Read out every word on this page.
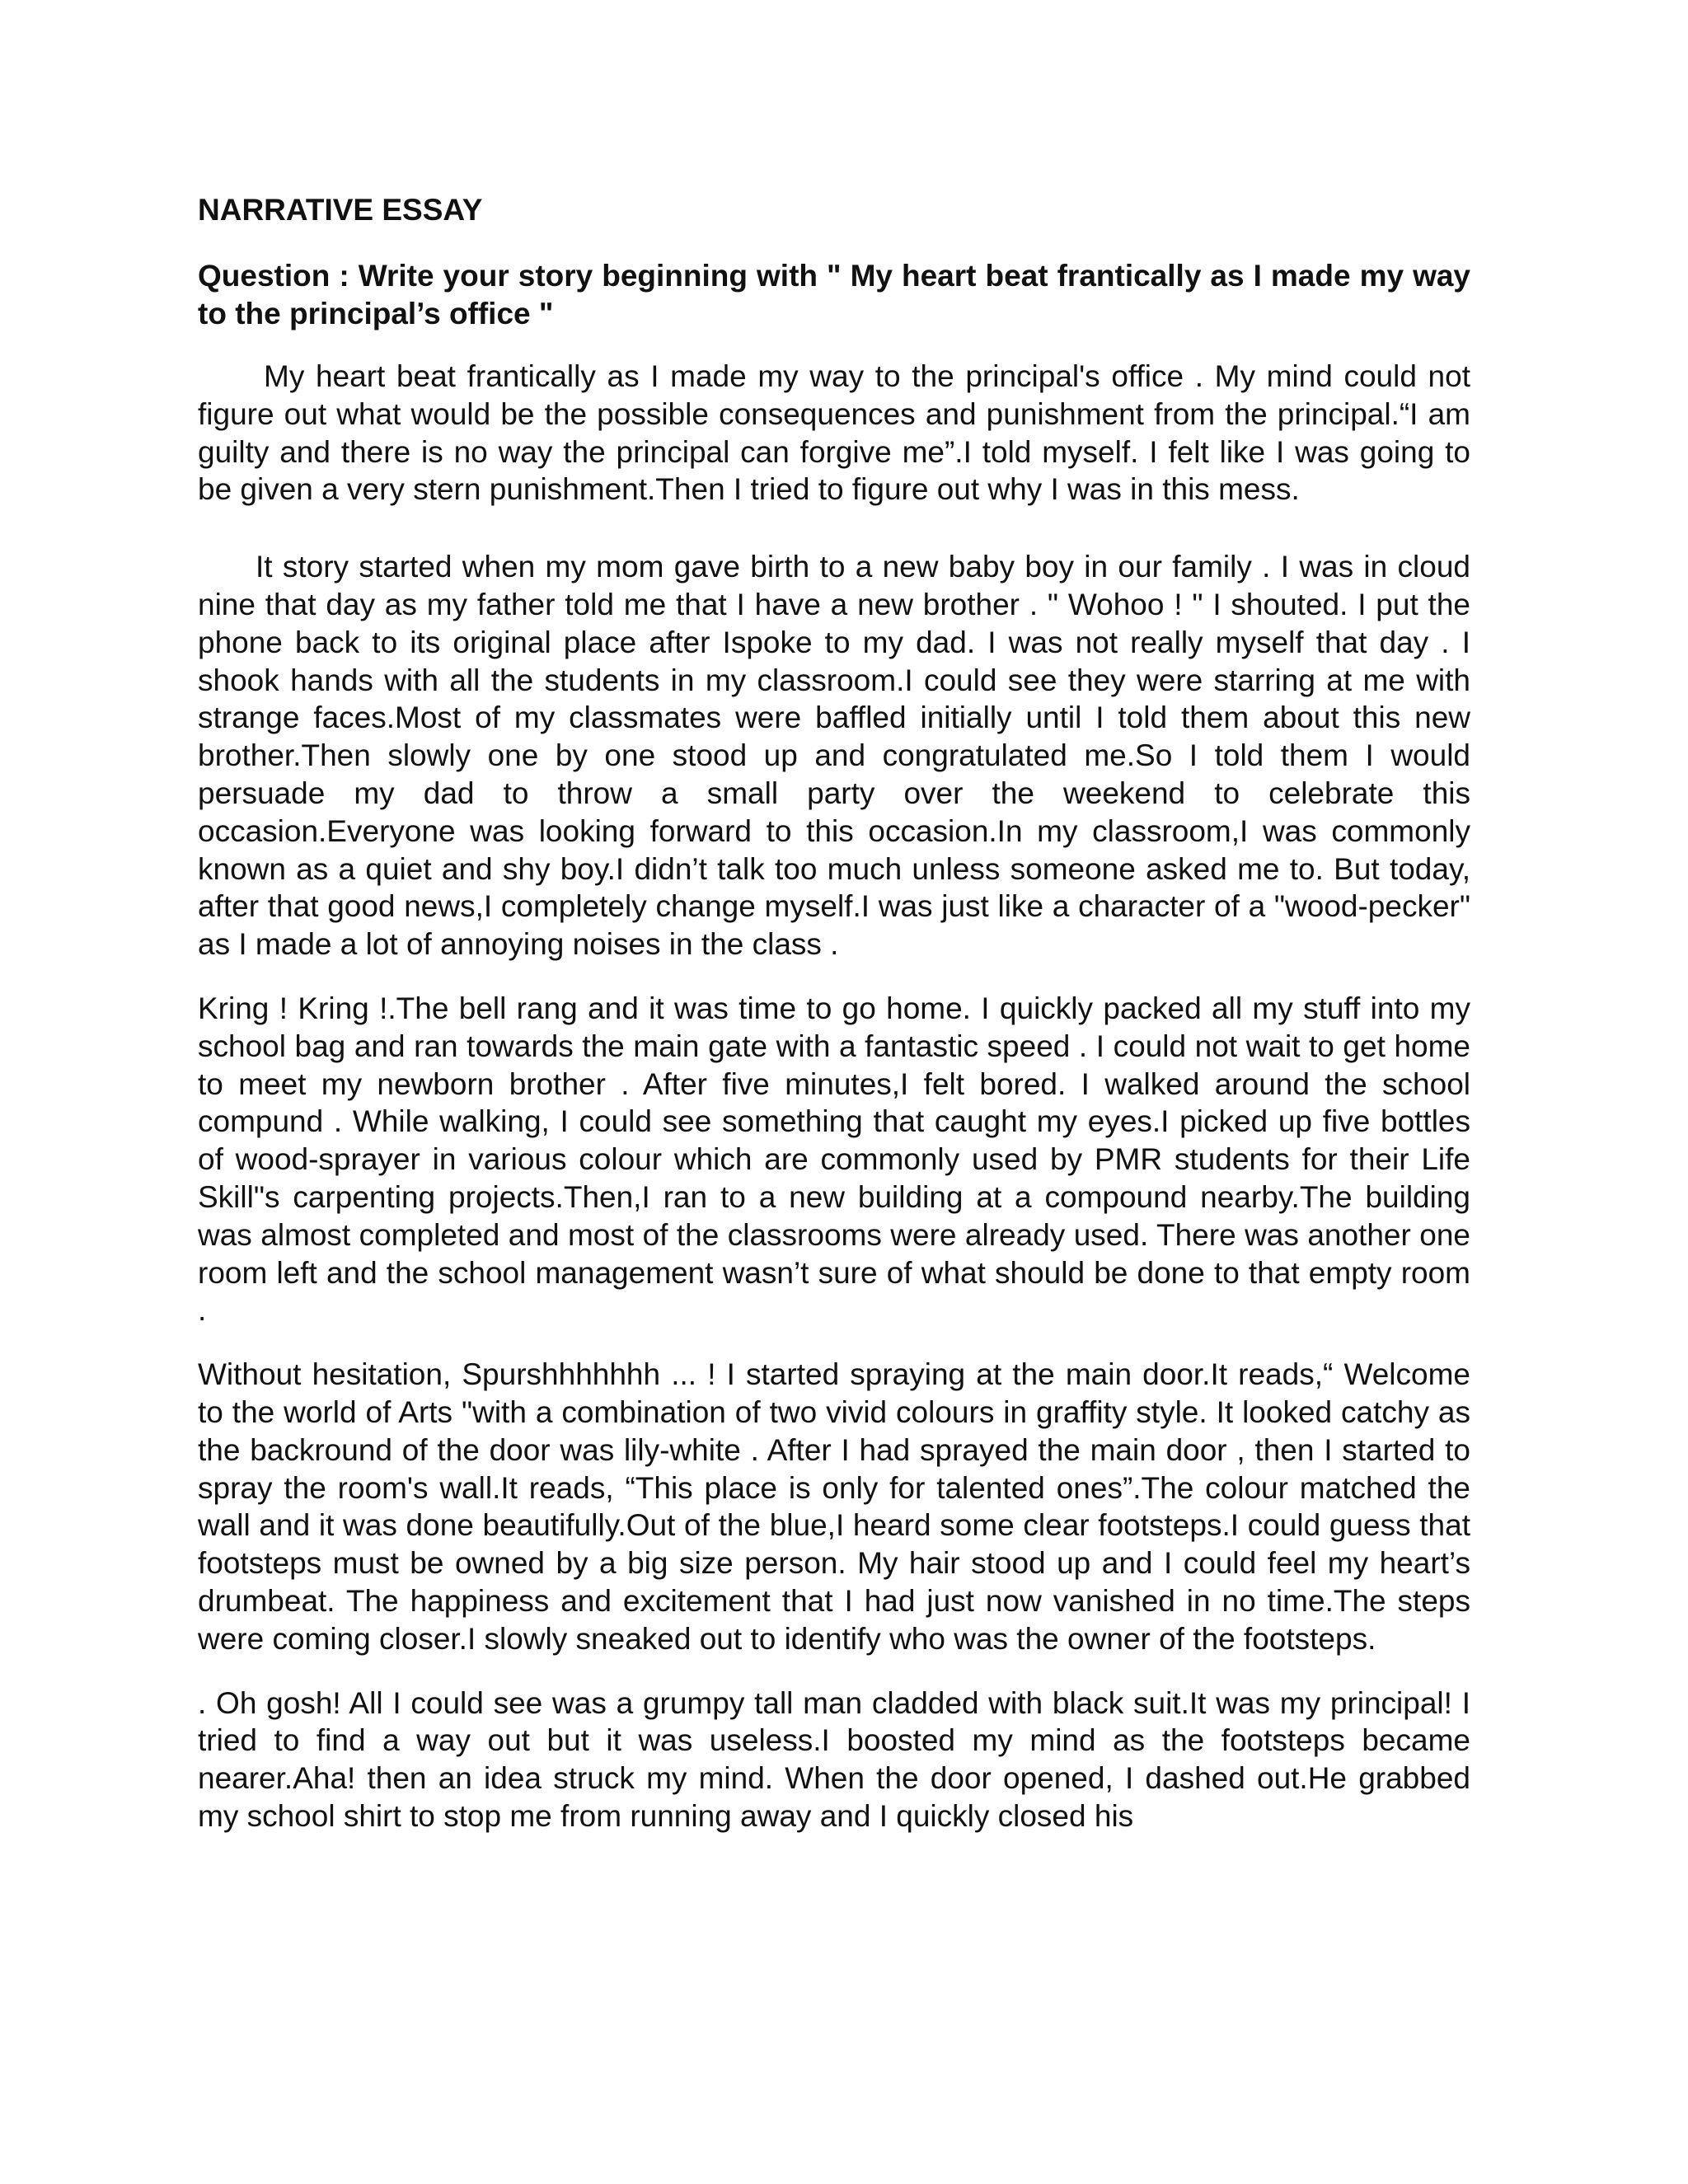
NARRATIVE ESSAY
Question : Write your story beginning with " My heart beat frantically as I made my way to the principal’s office "

My heart beat frantically as I made my way to the principal's office . My mind could not figure out what would be the possible consequences and punishment from the principal.“I am guilty and there is no way the principal can forgive me”.I told myself. I felt like I was going to be given a very stern punishment.Then I tried to figure out why I was in this mess.

It story started when my mom gave birth to a new baby boy in our family . I was in cloud nine that day as my father told me that I have a new brother . " Wohoo ! " I shouted. I put the phone back to its original place after Ispoke to my dad. I was not really myself that day . I shook hands with all the students in my classroom.I could see they were starring at me with strange faces.Most of my classmates were baffled initially until I told them about this new brother.Then slowly one by one stood up and congratulated me.So I told them I would persuade my dad to throw a small party over the weekend to celebrate this occasion.Everyone was looking forward to this occasion.In my classroom,I was commonly known as a quiet and shy boy.I didn’t talk too much unless someone asked me to. But today, after that good news,I completely change myself.I was just like a character of a "wood-pecker" as I made a lot of annoying noises in the class .

Kring ! Kring !.The bell rang and it was time to go home. I quickly packed all my stuff into my school bag and ran towards the main gate with a fantastic speed . I could not wait to get home to meet my newborn brother . After five minutes,I felt bored. I walked around the school compund . While walking, I could see something that caught my eyes.I picked up five bottles of wood-sprayer in various colour which are commonly used by PMR students for their Life Skill"s carpenting projects.Then,I ran to a new building at a compound nearby.The building was almost completed and most of the classrooms were already used. There was another one room left and the school management wasn’t sure of what should be done to that empty room .

Without hesitation, Spurshhhhhhh ... ! I started spraying at the main door.It reads,“ Welcome to the world of Arts "with a combination of two vivid colours in graffity style. It looked catchy as the backround of the door was lily-white . After I had sprayed the main door , then I started to spray the room's wall.It reads, “This place is only for talented ones”.The colour matched the wall and it was done beautifully.Out of the blue,I heard some clear footsteps.I could guess that footsteps must be owned by a big size person. My hair stood up and I could feel my heart’s drumbeat. The happiness and excitement that I had just now vanished in no time.The steps were coming closer.I slowly sneaked out to identify who was the owner of the footsteps.

. Oh gosh! All I could see was a grumpy tall man cladded with black suit.It was my principal! I tried to find a way out but it was useless.I boosted my mind as the footsteps became nearer.Aha! then an idea struck my mind. When the door opened, I dashed out.He grabbed my school shirt to stop me from running away and I quickly closed his
